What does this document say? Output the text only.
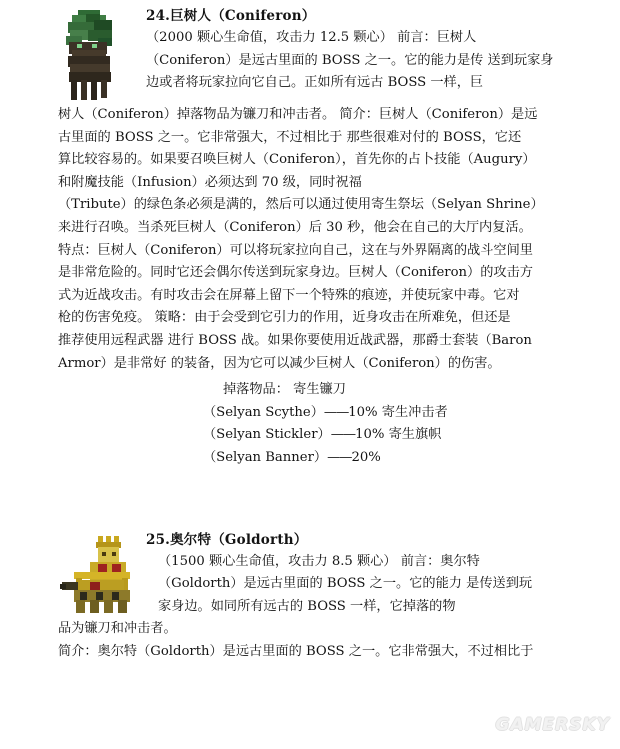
24.巨树人（Coniferon）

（2000 颗心生命值，攻击力 12.5 颗心） 前言：巨树人

（Coniferon）是远古里面的 BOSS 之一。它的能力是传 送到玩家身

边或者将玩家拉向它自己。正如所有远古 BOSS 一样，巨

树人（Coniferon）掉落物品为镰刀和冲击者。 简介：巨树人（Coniferon）是远

古里面的 BOSS 之一。它非常强大，不过相比于 那些很难对付的 BOSS，它还

算比较容易的。如果要召唤巨树人（Coniferon），首先你的占卜技能（Augury）

和附魔技能（Infusion）必须达到 70 级，同时祝福

（Tribute）的绿色条必须是满的，然后可以通过使用寄生祭坛（Selyan Shrine）

来进行召唤。当杀死巨树人（Coniferon）后 30 秒，他会在自己的大厅内复活。

特点：巨树人（Coniferon）可以将玩家拉向自己，这在与外界隔离的战斗空间里

是非常危险的。同时它还会偶尔传送到玩家身边。巨树人（Coniferon）的攻击方

式为近战攻击。有时攻击会在屏幕上留下一个特殊的痕迹，并使玩家中毒。它对

枪的伤害免疫。 策略：由于会受到它引力的作用，近身攻击在所难免，但还是

推荐使用远程武器 进行 BOSS 战。如果你要使用近战武器，那爵士套装（Baron

Armor）是非常好 的装备，因为它可以减少巨树人（Coniferon）的伤害。

掉落物品： 寄生镰刀
（Selyan Scythe）——10% 寄生冲击者
（Selyan Stickler）——10% 寄生旗帜
（Selyan Banner）——20%
25.奥尔特（Goldorth）

（1500 颗心生命值，攻击力 8.5 颗心） 前言：奥尔特

（Goldorth）是远古里面的 BOSS 之一。它的能力 是传送到玩

家身边。如同所有远古的 BOSS 一样，它掉落的物

品为镰刀和冲击者。

简介：奥尔特（Goldorth）是远古里面的 BOSS 之一。它非常强大，不过相比于

GAMERSKY
